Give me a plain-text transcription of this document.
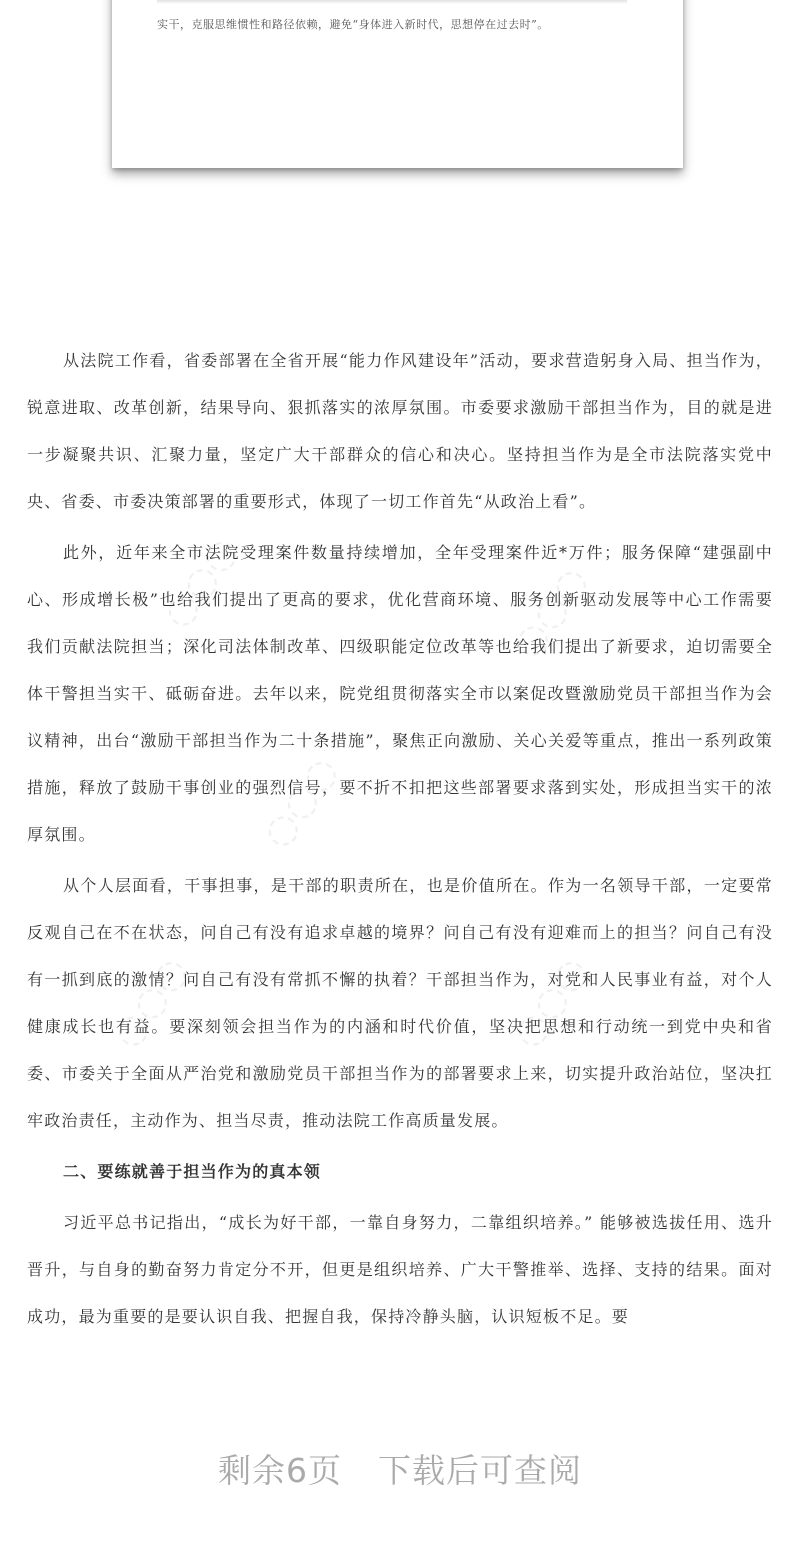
实干，克服思维惯性和路径依赖，避免“身体进入新时代，思想停在过去时”。
◌◌◌	◌◌◌
◌◌◌
◌◌◌	◌◌◌

从法院工作看，省委部署在全省开展“能力作风建设年”活动，要求营造躬身入局、担当作为，锐意进取、改革创新，结果导向、狠抓落实的浓厚氛围。市委要求激励干部担当作为，目的就是进一步凝聚共识、汇聚力量，坚定广大干部群众的信心和决心。坚持担当作为是全市法院落实党中央、省委、市委决策部署的重要形式，体现了一切工作首先“从政治上看”。

此外，近年来全市法院受理案件数量持续增加，全年受理案件近*万件；服务保障“建强副中心、形成增长极”也给我们提出了更高的要求，优化营商环境、服务创新驱动发展等中心工作需要我们贡献法院担当；深化司法体制改革、四级职能定位改革等也给我们提出了新要求，迫切需要全体干警担当实干、砥砺奋进。去年以来，院党组贯彻落实全市以案促改暨激励党员干部担当作为会议精神，出台“激励干部担当作为二十条措施”，聚焦正向激励、关心关爱等重点，推出一系列政策措施，释放了鼓励干事创业的强烈信号，要不折不扣把这些部署要求落到实处，形成担当实干的浓厚氛围。

从个人层面看，干事担事，是干部的职责所在，也是价值所在。作为一名领导干部，一定要常反观自己在不在状态，问自己有没有追求卓越的境界？问自己有没有迎难而上的担当？问自己有没有一抓到底的激情？问自己有没有常抓不懈的执着？干部担当作为，对党和人民事业有益，对个人健康成长也有益。要深刻领会担当作为的内涵和时代价值，坚决把思想和行动统一到党中央和省委、市委关于全面从严治党和激励党员干部担当作为的部署要求上来，切实提升政治站位，坚决扛牢政治责任，主动作为、担当尽责，推动法院工作高质量发展。

二、要练就善于担当作为的真本领

习近平总书记指出，“成长为好干部，一靠自身努力，二靠组织培养。” 能够被选拔任用、选升晋升，与自身的勤奋努力肯定分不开，但更是组织培养、广大干警推举、选择、支持的结果。面对成功，最为重要的是要认识自我、把握自我，保持冷静头脑，认识短板不足。要

剩余6页 下载后可查阅
